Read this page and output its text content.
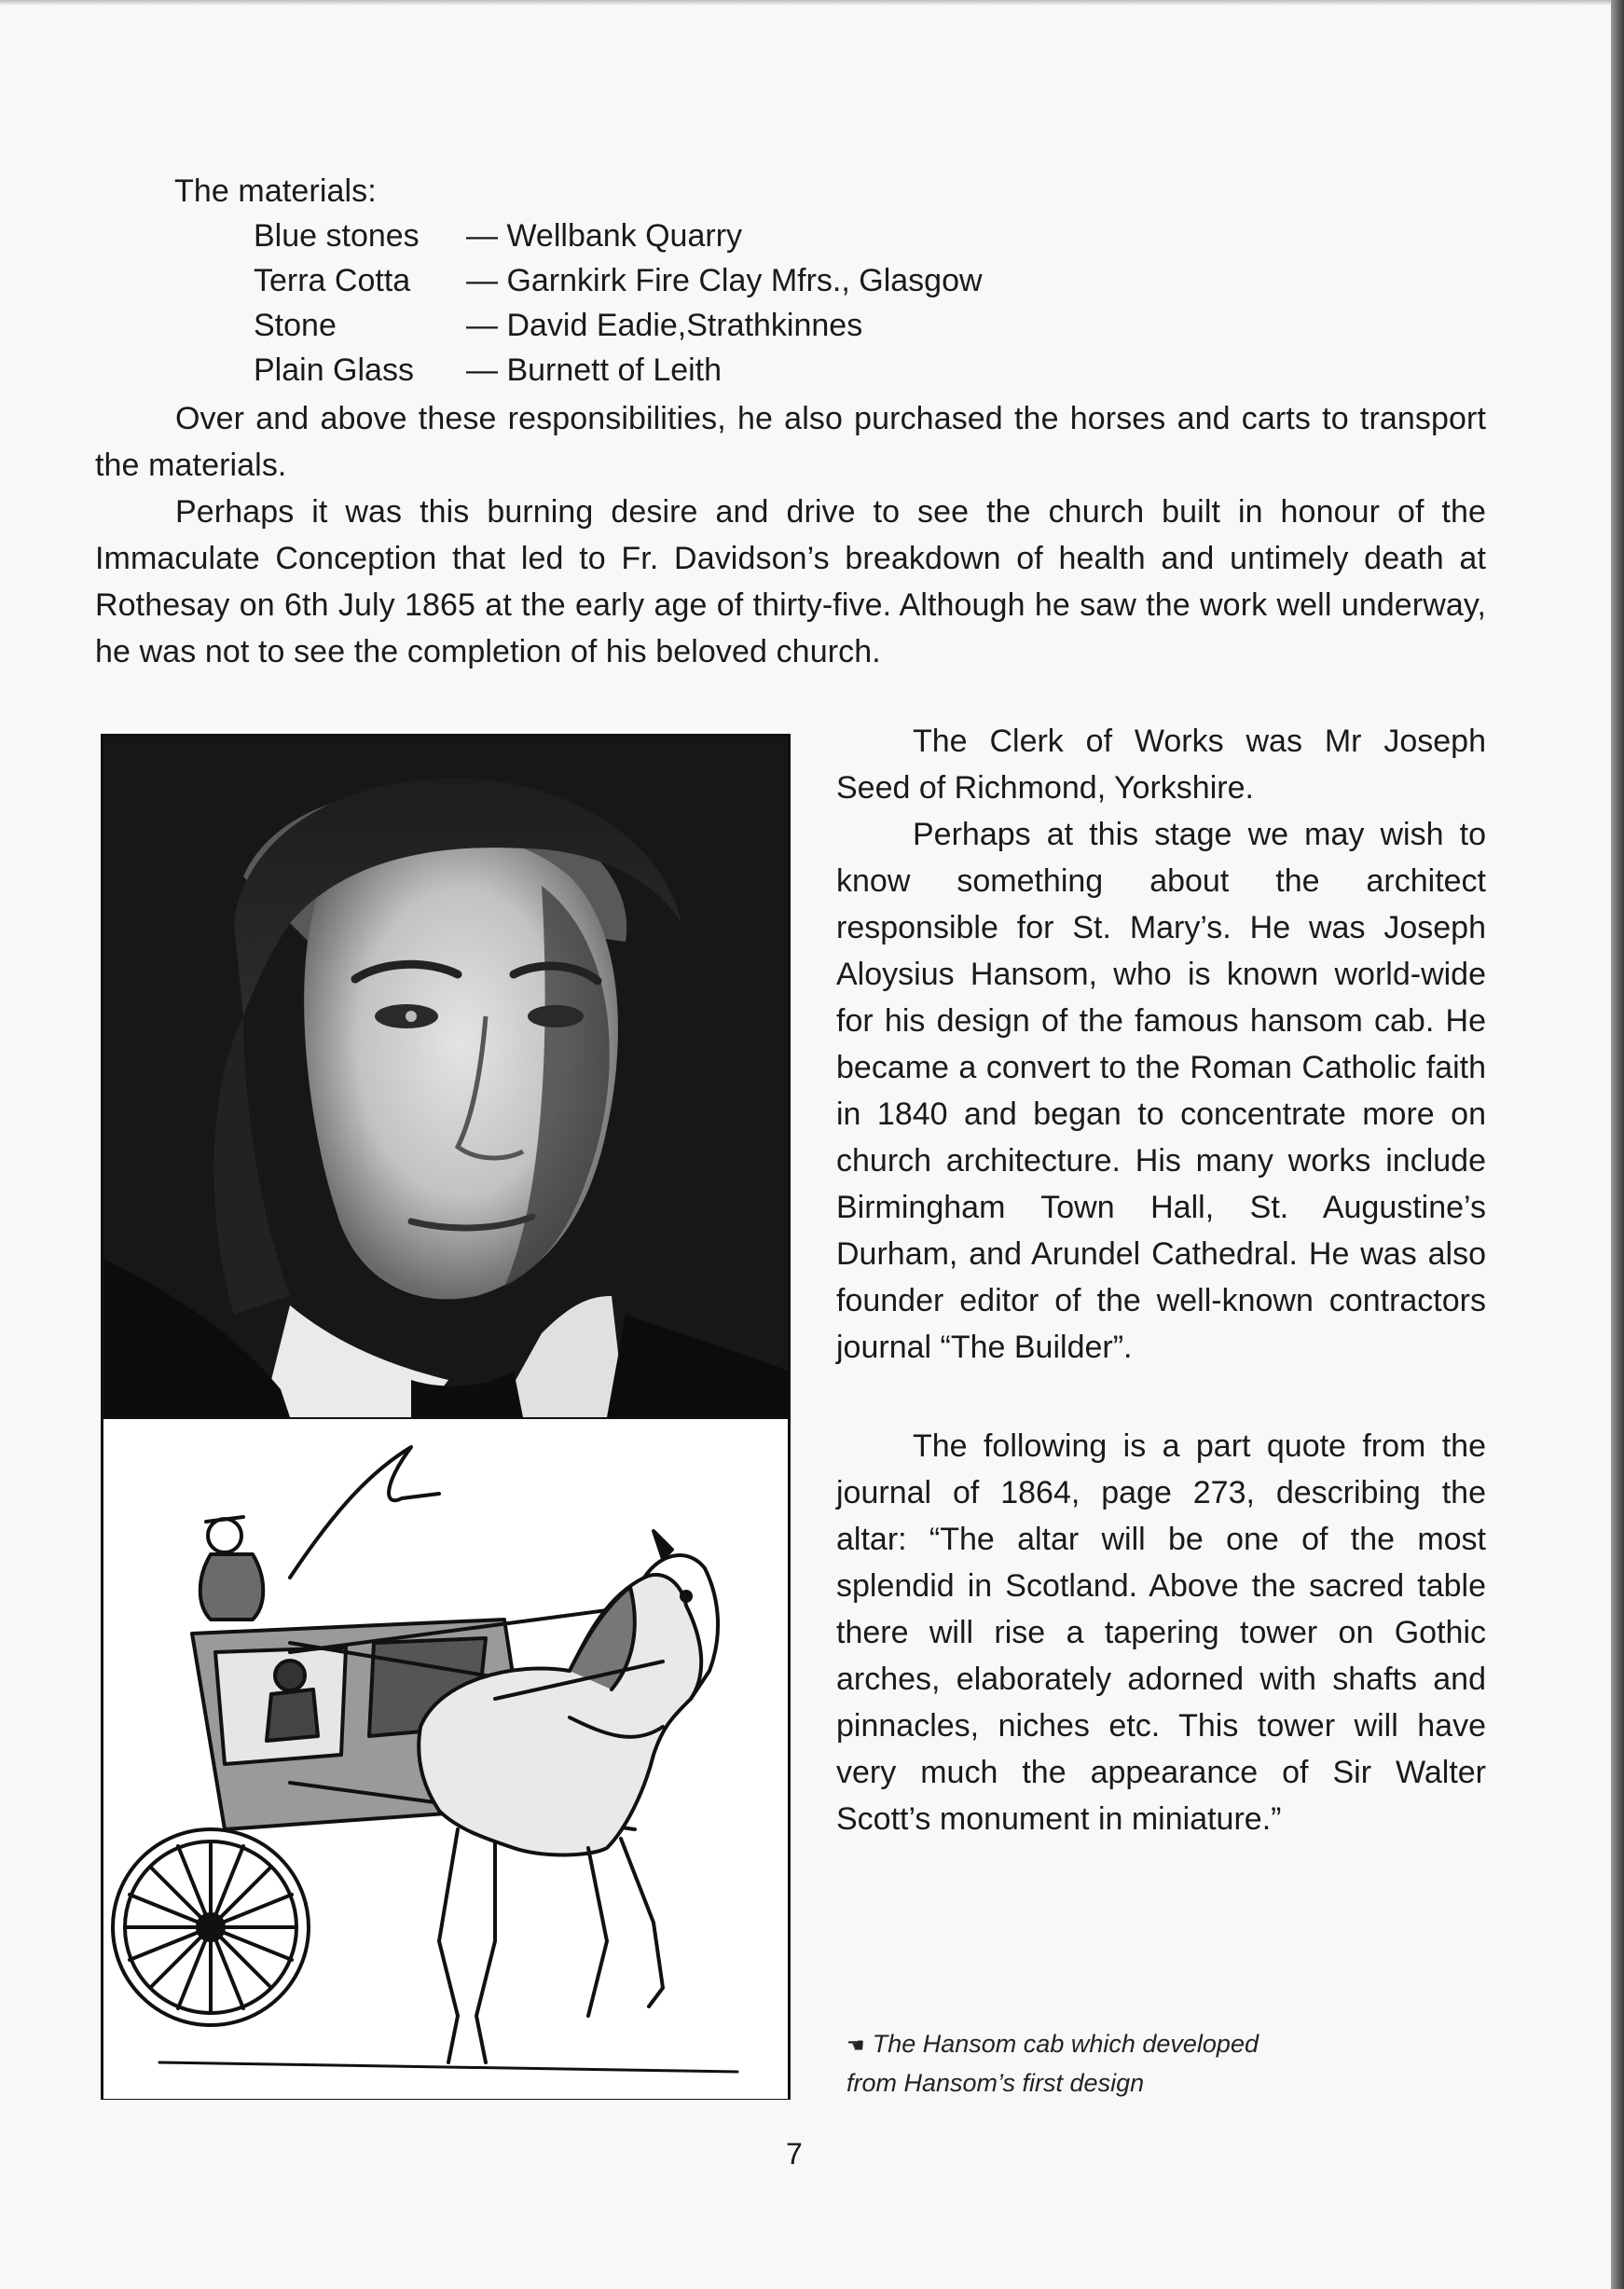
The materials:
Blue stones — Wellbank Quarry
Terra Cotta — Garnkirk Fire Clay Mfrs., Glasgow
Stone	— David Eadie,Strathkinnes
Plain Glass — Burnett of Leith

Over and above these responsibilities, he also purchased the horses and carts to transport the materials.

Perhaps it was this burning desire and drive to see the church built in honour of the Immaculate Conception that led to Fr. Davidson’s breakdown of health and untimely death at Rothesay on 6th July 1865 at the early age of thirty-five. Although he saw the work well underway, he was not to see the completion of his beloved church.

The Clerk of Works was Mr Joseph Seed of Richmond, Yorkshire.

Perhaps at this stage we may wish to know something about the architect responsible for St. Mary’s. He was Joseph Aloysius Hansom, who is known world-wide for his design of the famous hansom cab. He became a convert to the Roman Catholic faith in 1840 and began to concentrate more on church architecture. His many works include Birmingham Town Hall, St. Augustine’s Durham, and Arundel Cathedral. He was also founder editor of the well-known contractors journal “The Builder”.

The following is a part quote from the journal of 1864, page 273, describing the altar: “The altar will be one of the most splendid in Scotland. Above the sacred table there will rise a tapering tower on Gothic arches, elaborately adorned with shafts and pinnacles, niches etc. This tower will have very much the appearance of Sir Walter Scott’s monument in miniature.”

☚ The Hansom cab which developed
from Hansom’s first design
7
